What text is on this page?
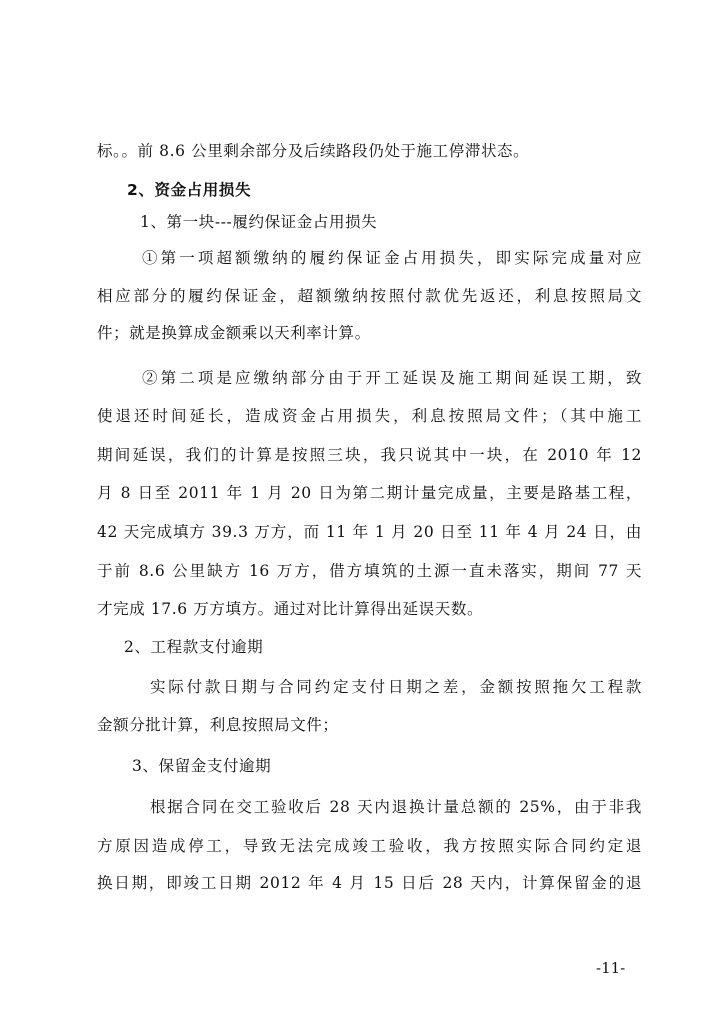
标。。前 8.6 公里剩余部分及后续路段仍处于施工停滞状态。
2、资金占用损失
1、第一块---履约保证金占用损失
①第一项超额缴纳的履约保证金占用损失，即实际完成量对应
相应部分的履约保证金，超额缴纳按照付款优先返还，利息按照局文
件；就是换算成金额乘以天利率计算。
②第二项是应缴纳部分由于开工延误及施工期间延误工期，致
使退还时间延长，造成资金占用损失，利息按照局文件；（其中施工
期间延误，我们的计算是按照三块，我只说其中一块，在 2010 年 12
月 8 日至 2011 年 1 月 20 日为第二期计量完成量，主要是路基工程，
42 天完成填方 39.3 万方，而 11 年 1 月 20 日至 11 年 4 月 24 日，由
于前 8.6 公里缺方 16 万方，借方填筑的土源一直未落实，期间 77 天
才完成 17.6 万方填方。通过对比计算得出延误天数。
2、工程款支付逾期
实际付款日期与合同约定支付日期之差，金额按照拖欠工程款
金额分批计算，利息按照局文件；
3、保留金支付逾期
根据合同在交工验收后 28 天内退换计量总额的 25%，由于非我
方原因造成停工，导致无法完成竣工验收，我方按照实际合同约定退
换日期，即竣工日期 2012 年 4 月 15 日后 28 天内，计算保留金的退
-11-
